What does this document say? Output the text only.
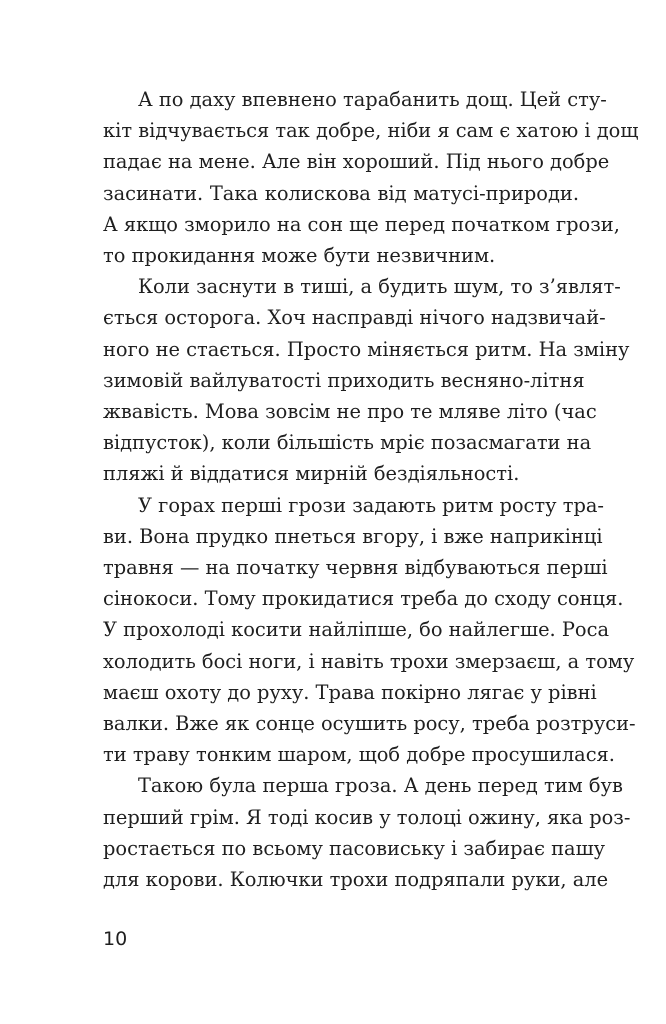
А по даху впевнено тарабанить дощ. Цей сту-
кіт відчувається так добре, ніби я сам є хатою і дощ
падає на мене. Але він хороший. Під нього добре
засинати. Така колискова від матусі-природи.
А якщо зморило на сон ще перед початком грози,
то прокидання може бути незвичним.

Коли заснути в тиші, а будить шум, то з’являт-
ється осторога. Хоч насправді нічого надзвичай-
ного не стається. Просто міняється ритм. На зміну
зимовій вайлуватості приходить весняно-літня
жвавість. Мова зовсім не про те мляве літо (час
відпусток), коли більшість мріє позасмагати на
пляжі й віддатися мирній бездіяльності.

У горах перші грози задають ритм росту тра-
ви. Вона прудко пнеться вгору, і вже наприкінці
травня — на початку червня відбуваються перші
сінокоси. Тому прокидатися треба до сходу сонця.
У прохолоді косити найліпше, бо найлегше. Роса
холодить босі ноги, і навіть трохи змерзаєш, а тому
маєш охоту до руху. Трава покірно лягає у рівні
валки. Вже як сонце осушить росу, треба розтруси-
ти траву тонким шаром, щоб добре просушилася.

Такою була перша гроза. А день перед тим був
перший грім. Я тоді косив у толоці ожину, яка роз-
ростається по всьому пасовиську і забирає пашу
для корови. Колючки трохи подряпали руки, але

10
